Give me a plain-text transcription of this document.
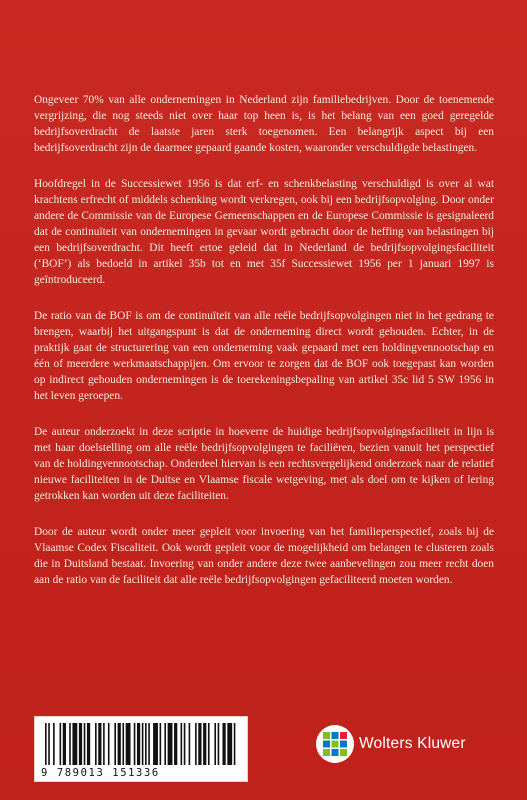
Ongeveer 70% van alle ondernemingen in Nederland zijn familiebedrijven. Door de toenemende vergrijzing, die nog steeds niet over haar top heen is, is het belang van een goed geregelde bedrijfsoverdracht de laatste jaren sterk toegenomen. Een belangrijk aspect bij een bedrijfsoverdracht zijn de daarmee gepaard gaande kosten, waaronder verschuldigde belastingen.

Hoofdregel in de Successiewet 1956 is dat erf- en schenkbelasting verschuldigd is over al wat krachtens erfrecht of middels schenking wordt verkregen, ook bij een bedrijfsopvolging. Door onder andere de Commissie van de Europese Gemeenschappen en de Europese Commissie is gesignaleerd dat de continuïteit van ondernemingen in gevaar wordt gebracht door de heffing van belastingen bij een bedrijfsoverdracht. Dit heeft ertoe geleid dat in Nederland de bedrijfsopvolgingsfaciliteit (‘BOF’) als bedoeld in artikel 35b tot en met 35f Successiewet 1956 per 1 januari 1997 is geïntroduceerd.

De ratio van de BOF is om de continuïteit van alle reële bedrijfsopvolgingen niet in het gedrang te brengen, waarbij het uitgangspunt is dat de onderneming direct wordt gehouden. Echter, in de praktijk gaat de structurering van een onderneming vaak gepaard met een holdingvennootschap en één of meerdere werkmaatschappijen. Om ervoor te zorgen dat de BOF ook toegepast kan worden op indirect gehouden ondernemingen is de toerekeningsbepaling van artikel 35c lid 5 SW 1956 in het leven geroepen.

De auteur onderzoekt in deze scriptie in hoeverre de huidige bedrijfsopvolgingsfaciliteit in lijn is met haar doelstelling om alle reële bedrijfsopvolgingen te faciliëren, bezien vanuit het perspectief van de holdingvennootschap. Onderdeel hiervan is een rechtsvergelijkend onderzoek naar de relatief nieuwe faciliteiten in de Duitse en Vlaamse fiscale wetgeving, met als doel om te kijken of lering getrokken kan worden uit deze faciliteiten.

Door de auteur wordt onder meer gepleit voor invoering van het familieperspectief, zoals bij de Vlaamse Codex Fiscaliteit. Ook wordt gepleit voor de mogelijkheid om belangen te clusteren zoals die in Duitsland bestaat. Invoering van onder andere deze twee aanbevelingen zou meer recht doen aan de ratio van de faciliteit dat alle reële bedrijfsopvolgingen gefaciliteerd moeten worden.

9 789013 151336
Wolters Kluwer
